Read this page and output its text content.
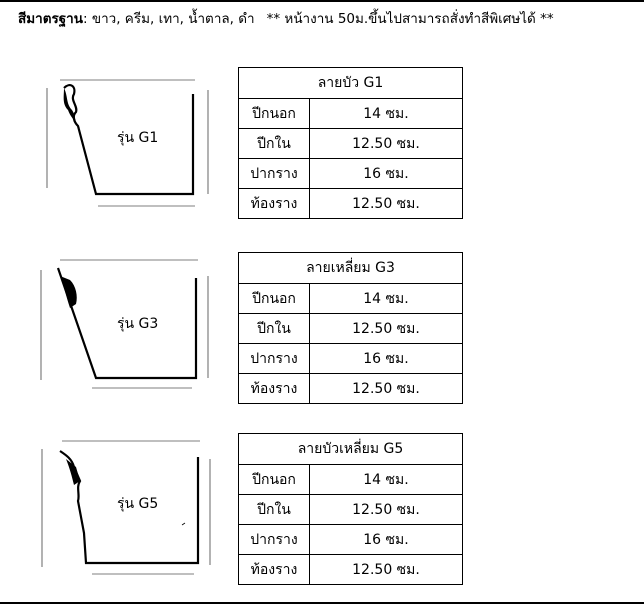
สีมาตรฐาน: ขาว, ครีม, เทา, น้ำตาล, ดำ ** หน้างาน 50ม.ขึ้นไปสามารถสั่งทำสีพิเศษได้ **
รุ่น G1
ลายบัว G1	
ปีกนอก	14 ซม.
ปีกใน	12.50 ซม.
ปากราง	16 ซม.
ท้องราง	12.50 ซม.
รุ่น G3
ลายเหลี่ยม G3	
ปีกนอก	14 ซม.
ปีกใน	12.50 ซม.
ปากราง	16 ซม.
ท้องราง	12.50 ซม.
รุ่น G5
ลายบัวเหลี่ยม G5	
ปีกนอก	14 ซม.
ปีกใน	12.50 ซม.
ปากราง	16 ซม.
ท้องราง	12.50 ซม.
